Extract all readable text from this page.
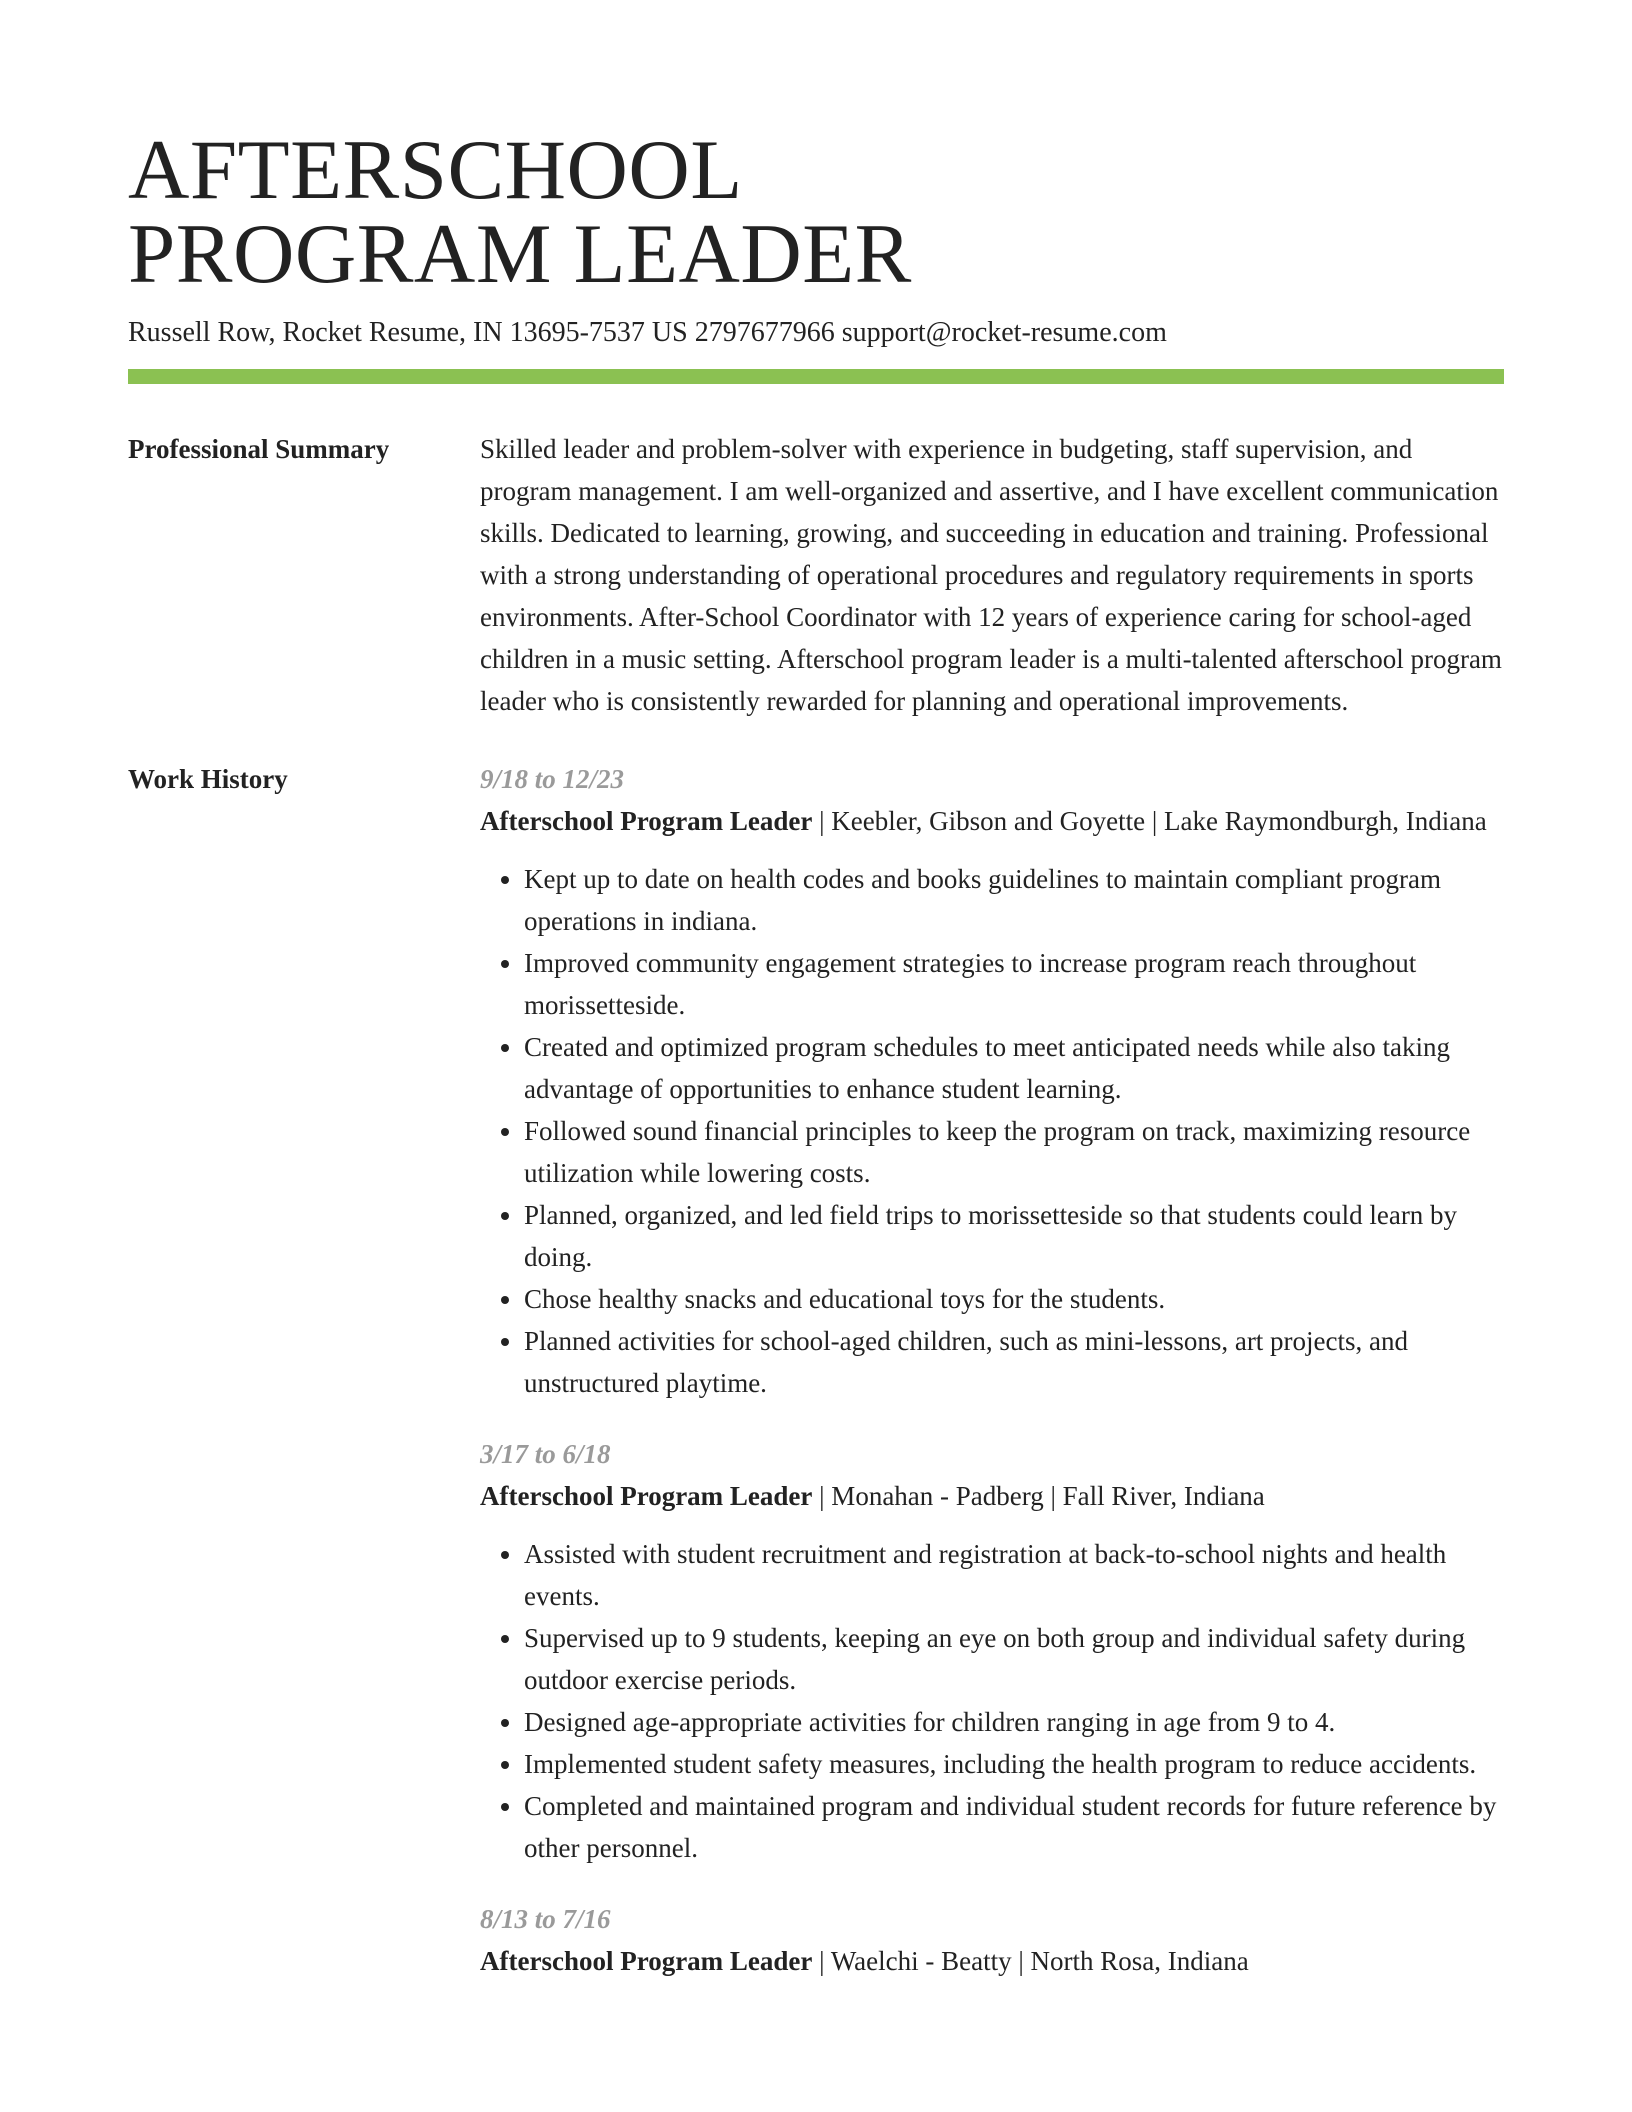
AFTERSCHOOL
PROGRAM LEADER
Russell Row, Rocket Resume, IN 13695-7537 US 2797677966 support@rocket-resume.com
Professional Summary	Skilled leader and problem-solver with experience in budgeting, staff supervision, and program management. I am well-organized and assertive, and I have excellent communication skills. Dedicated to learning, growing, and succeeding in education and training. Professional with a strong understanding of operational procedures and regulatory requirements in sports environments. After-School Coordinator with 12 years of experience caring for school-aged children in a music setting. Afterschool program leader is a multi-talented afterschool program leader who is consistently rewarded for planning and operational improvements.
Work History	9/18 to 12/23
Afterschool Program Leader | Keebler, Gibson and Goyette | Lake Raymondburgh, Indiana
• Kept up to date on health codes and books guidelines to maintain compliant program operations in indiana.
• Improved community engagement strategies to increase program reach throughout morissetteside.
• Created and optimized program schedules to meet anticipated needs while also taking advantage of opportunities to enhance student learning.
• Followed sound financial principles to keep the program on track, maximizing resource utilization while lowering costs.
• Planned, organized, and led field trips to morissetteside so that students could learn by doing.
• Chose healthy snacks and educational toys for the students.
• Planned activities for school-aged children, such as mini-lessons, art projects, and unstructured playtime.
3/17 to 6/18
Afterschool Program Leader | Monahan - Padberg | Fall River, Indiana
• Assisted with student recruitment and registration at back-to-school nights and health events.
• Supervised up to 9 students, keeping an eye on both group and individual safety during outdoor exercise periods.
• Designed age-appropriate activities for children ranging in age from 9 to 4.
• Implemented student safety measures, including the health program to reduce accidents.
• Completed and maintained program and individual student records for future reference by other personnel.
8/13 to 7/16
Afterschool Program Leader | Waelchi - Beatty | North Rosa, Indiana
